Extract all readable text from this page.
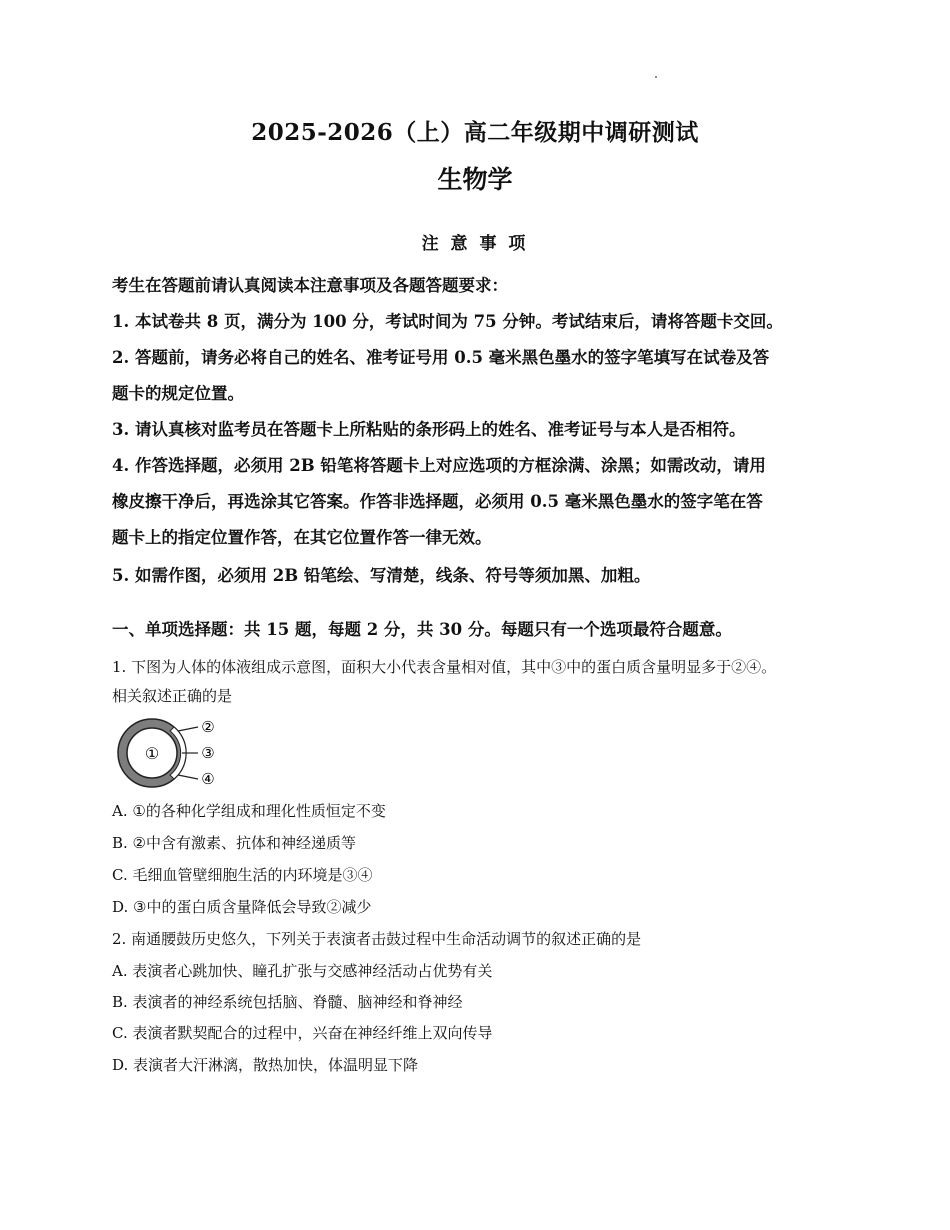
2025-2026（上）高二年级期中调研测试
生物学
注 意 事 项
考生在答题前请认真阅读本注意事项及各题答题要求：
1. 本试卷共 8 页，满分为 100 分，考试时间为 75 分钟。考试结束后，请将答题卡交回。
2. 答题前，请务必将自己的姓名、准考证号用 0.5 毫米黑色墨水的签字笔填写在试卷及答
题卡的规定位置。
3. 请认真核对监考员在答题卡上所粘贴的条形码上的姓名、准考证号与本人是否相符。
4. 作答选择题，必须用 2B 铅笔将答题卡上对应选项的方框涂满、涂黑；如需改动，请用
橡皮擦干净后，再选涂其它答案。作答非选择题，必须用 0.5 毫米黑色墨水的签字笔在答
题卡上的指定位置作答，在其它位置作答一律无效。
5. 如需作图，必须用 2B 铅笔绘、写清楚，线条、符号等须加黑、加粗。
一、单项选择题：共 15 题，每题 2 分，共 30 分。每题只有一个选项最符合题意。
1. 下图为人体的体液组成示意图，面积大小代表含量相对值，其中③中的蛋白质含量明显多于②④。
相关叙述正确的是
①
②
③
④
A. ①的各种化学组成和理化性质恒定不变
B. ②中含有激素、抗体和神经递质等
C. 毛细血管壁细胞生活的内环境是③④
D. ③中的蛋白质含量降低会导致②减少
2. 南通腰鼓历史悠久，下列关于表演者击鼓过程中生命活动调节的叙述正确的是
A. 表演者心跳加快、瞳孔扩张与交感神经活动占优势有关
B. 表演者的神经系统包括脑、脊髓、脑神经和脊神经
C. 表演者默契配合的过程中，兴奋在神经纤维上双向传导
D. 表演者大汗淋漓，散热加快，体温明显下降
